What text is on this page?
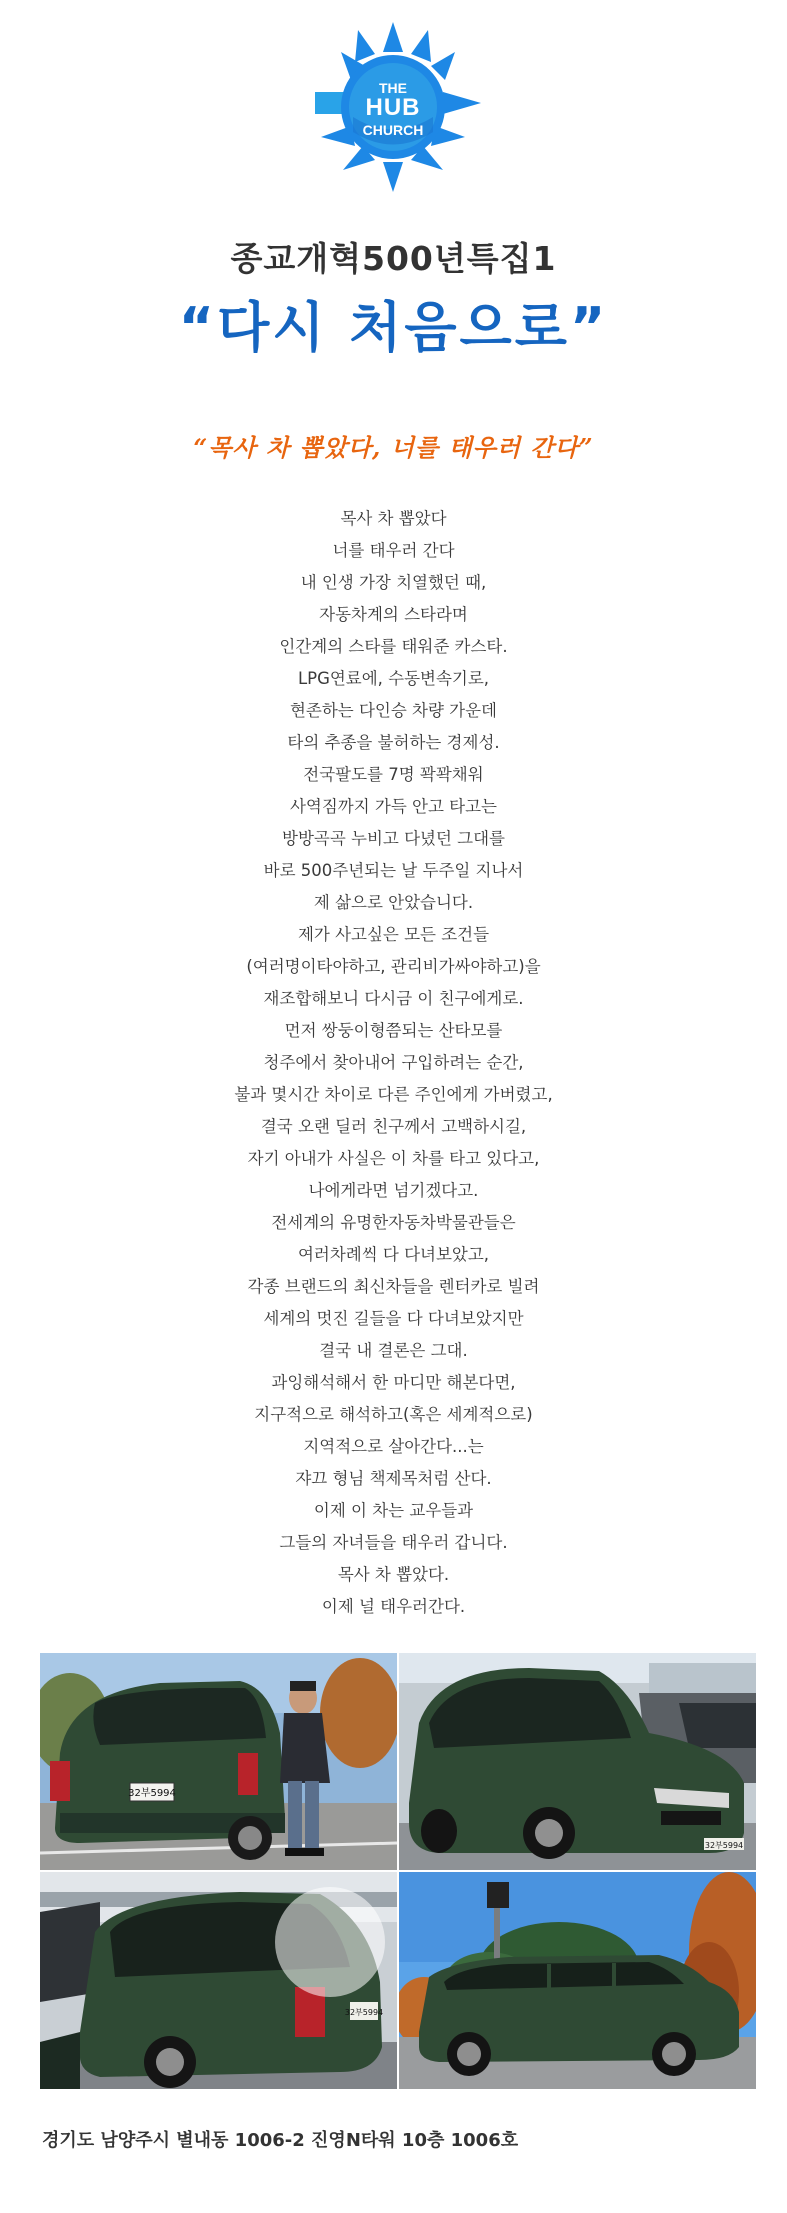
THE
HUB
CHURCH
종교개혁500년특집1
“다시 처음으로”
“목사 차 뽑았다, 너를 태우러 간다”
목사 차 뽑았다
너를 태우러 간다
내 인생 가장 치열했던 때,
자동차계의 스타라며
인간계의 스타를 태워준 카스타.
LPG연료에, 수동변속기로,
현존하는 다인승 차량 가운데
타의 추종을 불허하는 경제성.
전국팔도를 7명 꽉꽉채워
사역짐까지 가득 안고 타고는
방방곡곡 누비고 다녔던 그대를
바로 500주년되는 날 두주일 지나서
제 삶으로 안았습니다.
제가 사고싶은 모든 조건들
(여러명이타야하고, 관리비가싸야하고)을
재조합해보니 다시금 이 친구에게로.
먼저 쌍둥이형쯤되는 산타모를
청주에서 찾아내어 구입하려는 순간,
불과 몇시간 차이로 다른 주인에게 가버렸고,
결국 오랜 딜러 친구께서 고백하시길,
자기 아내가 사실은 이 차를 타고 있다고,
나에게라면 넘기겠다고.
전세계의 유명한자동차박물관들은
여러차례씩 다 다녀보았고,
각종 브랜드의 최신차들을 렌터카로 빌려
세계의 멋진 길들을 다 다녀보았지만
결국 내 결론은 그대.
과잉해석해서 한 마디만 해본다면,
지구적으로 해석하고(혹은 세계적으로)
지역적으로 살아간다...는
쟈끄 형님 책제목처럼 산다.
이제 이 차는 교우들과
그들의 자녀들을 태우러 갑니다.
목사 차 뽑았다.
이제 널 태우러간다.
32부5994
32부5994
32부5994
경기도 남양주시 별내동 1006-2 진영N타워 10층 1006호
